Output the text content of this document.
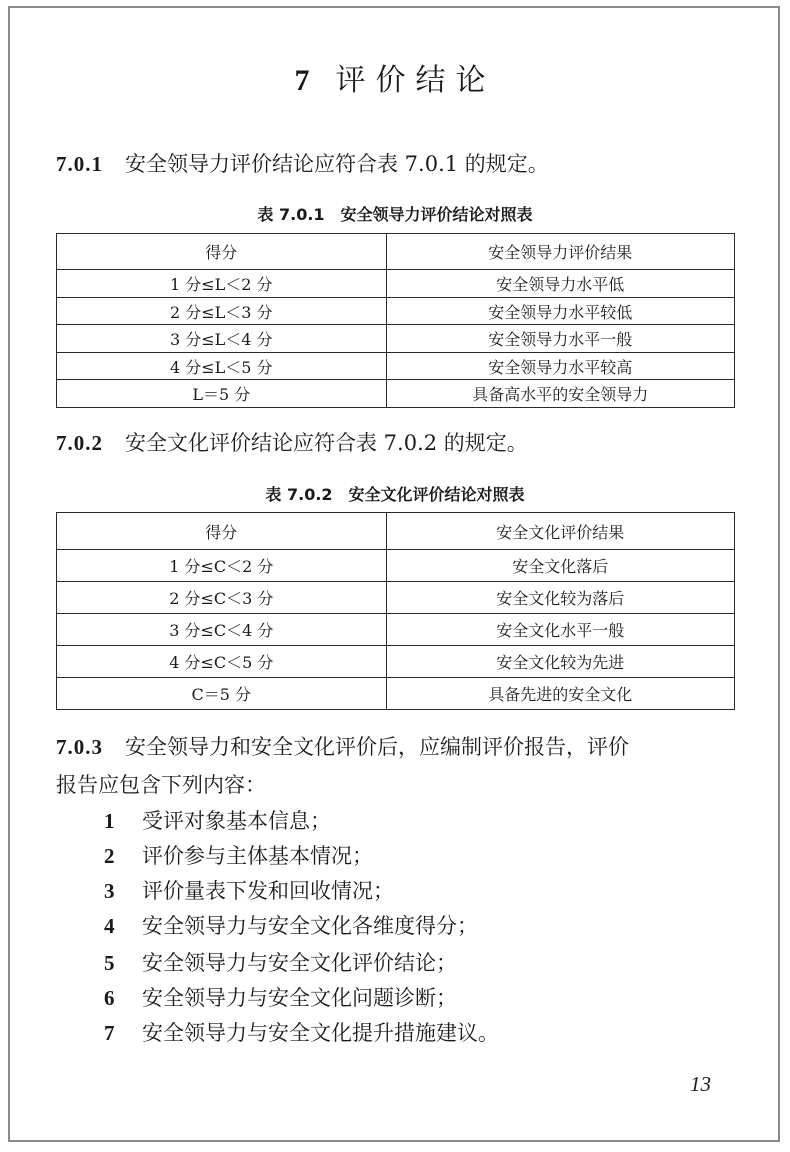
7 评价结论
7.0.1 安全领导力评价结论应符合表 7.0.1 的规定。
表 7.0.1　安全领导力评价结论对照表
得分	安全领导力评价结果
1 分≤L＜2 分	安全领导力水平低
2 分≤L＜3 分	安全领导力水平较低
3 分≤L＜4 分	安全领导力水平一般
4 分≤L＜5 分	安全领导力水平较高
L＝5 分	具备高水平的安全领导力
7.0.2 安全文化评价结论应符合表 7.0.2 的规定。
表 7.0.2　安全文化评价结论对照表
得分	安全文化评价结果
1 分≤C＜2 分	安全文化落后
2 分≤C＜3 分	安全文化较为落后
3 分≤C＜4 分	安全文化水平一般
4 分≤C＜5 分	安全文化较为先进
C＝5 分	具备先进的安全文化
7.0.3 安全领导力和安全文化评价后，应编制评价报告，评价
报告应包含下列内容：
1 受评对象基本信息；
2 评价参与主体基本情况；
3 评价量表下发和回收情况；
4 安全领导力与安全文化各维度得分；
5 安全领导力与安全文化评价结论；
6 安全领导力与安全文化问题诊断；
7 安全领导力与安全文化提升措施建议。
13
